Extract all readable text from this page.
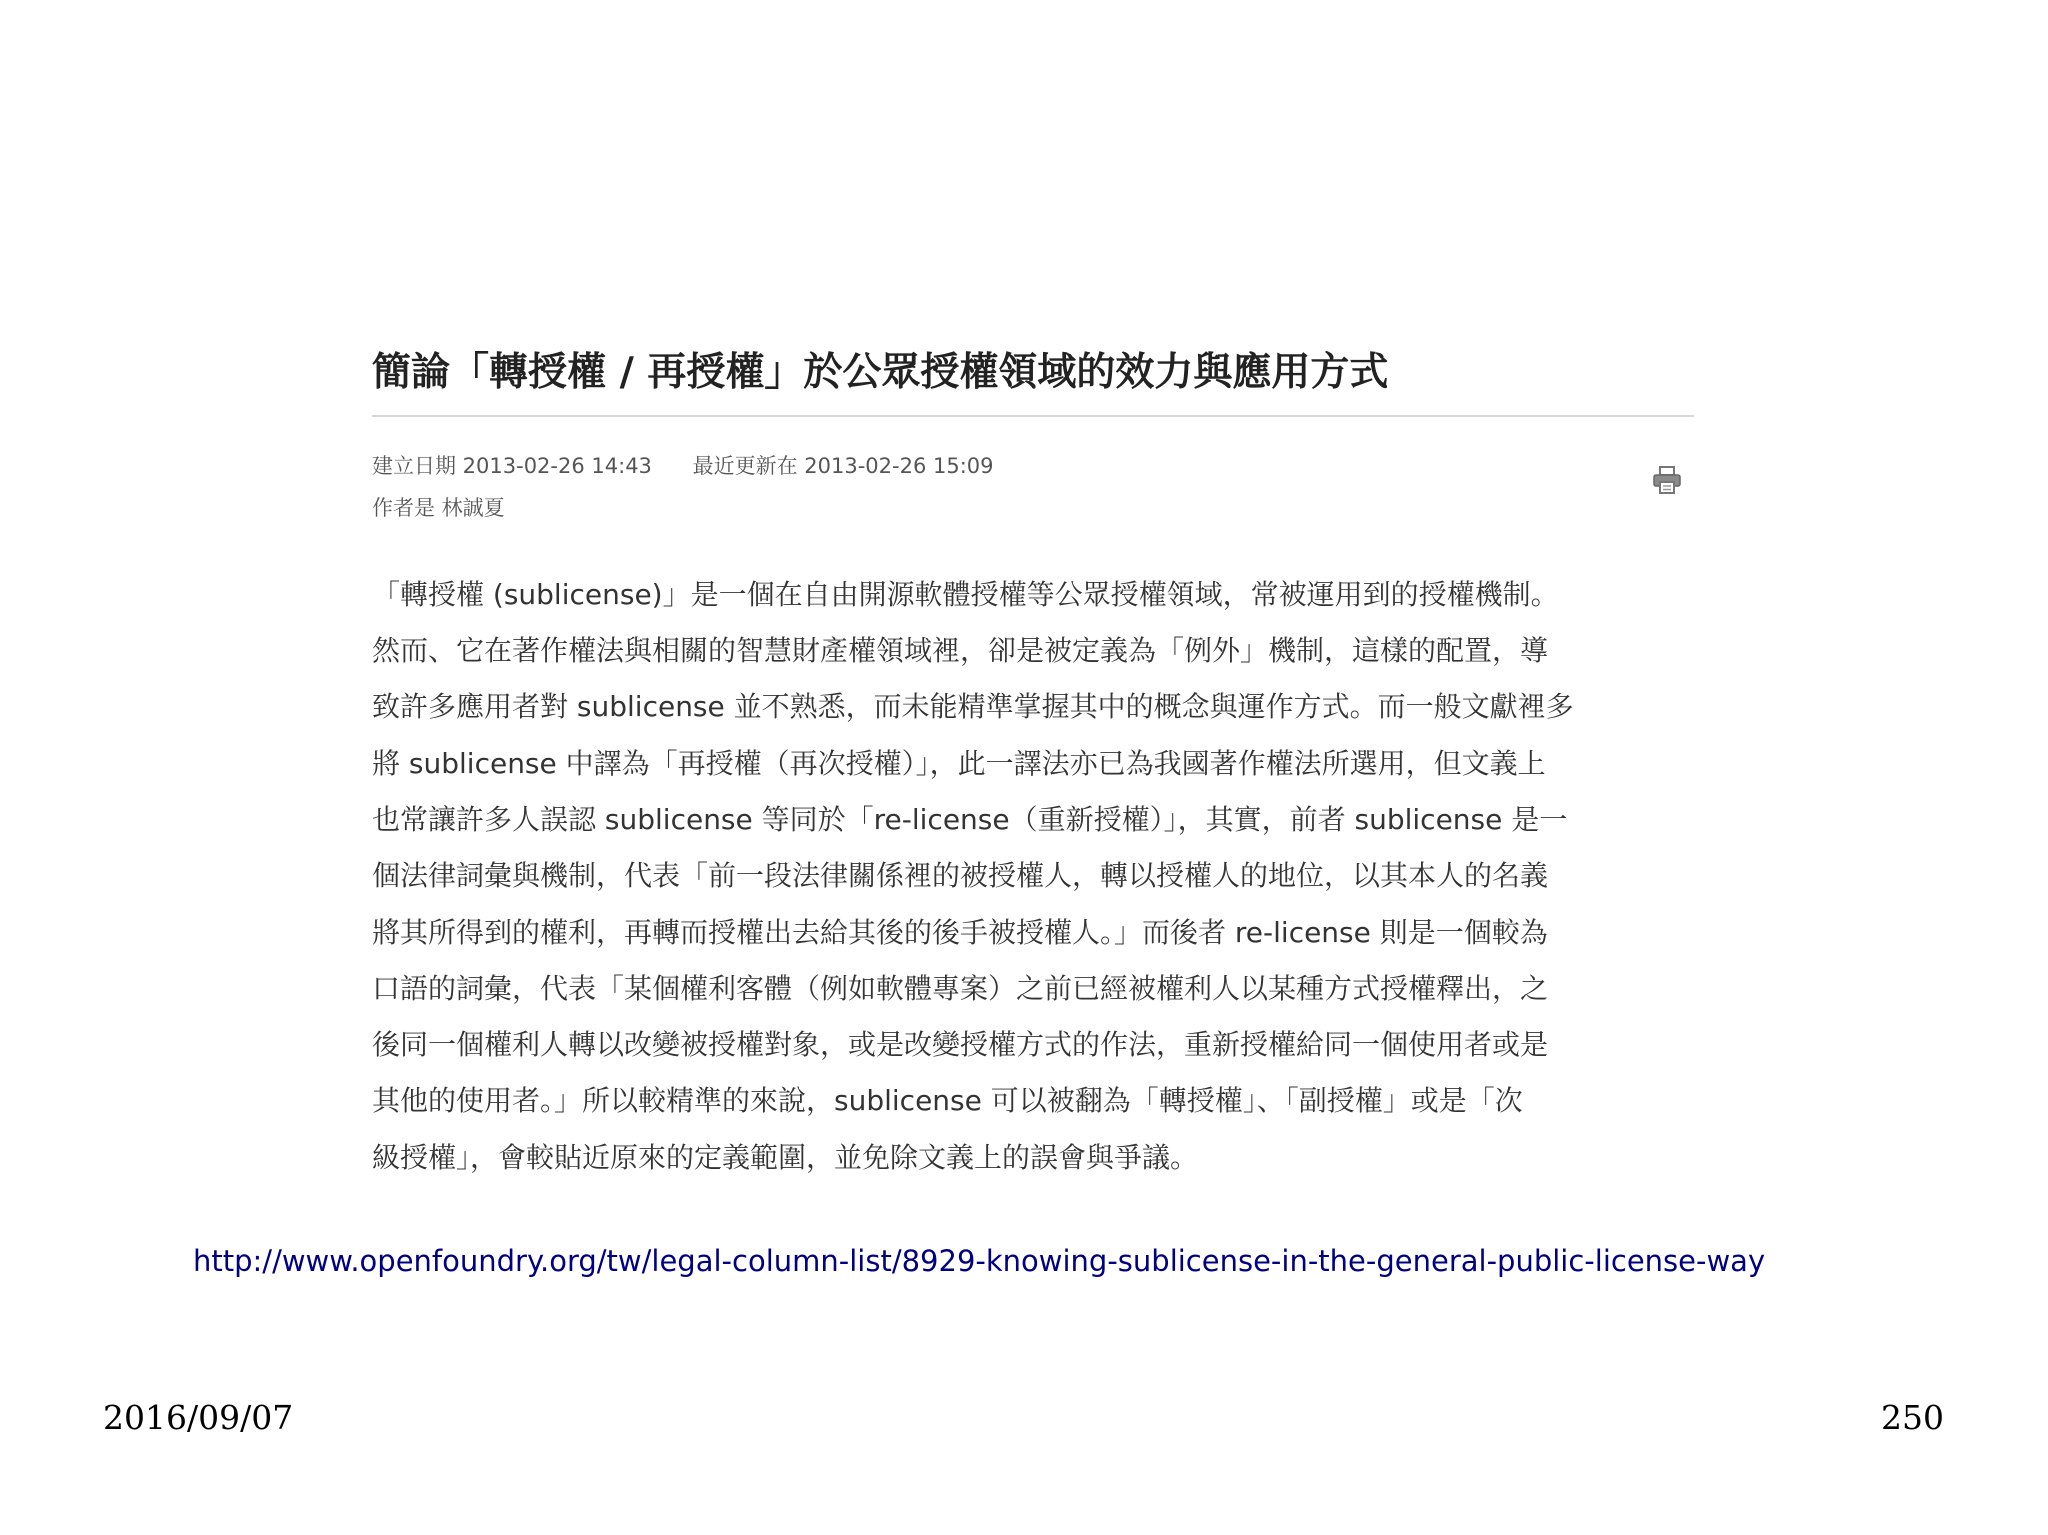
簡論「轉授權 / 再授權」於公眾授權領域的效力與應用方式
建立日期 2013-02-26 14:43 最近更新在 2013-02-26 15:09
作者是 林誠夏
「轉授權 (sublicense)」是一個在自由開源軟體授權等公眾授權領域，常被運用到的授權機制。
然而、它在著作權法與相關的智慧財產權領域裡，卻是被定義為「例外」機制，這樣的配置，導
致許多應用者對 sublicense 並不熟悉，而未能精準掌握其中的概念與運作方式。而一般文獻裡多
將 sublicense 中譯為「再授權（再次授權）」，此一譯法亦已為我國著作權法所選用，但文義上
也常讓許多人誤認 sublicense 等同於「re-license（重新授權）」，其實，前者 sublicense 是一
個法律詞彙與機制，代表「前一段法律關係裡的被授權人，轉以授權人的地位，以其本人的名義
將其所得到的權利，再轉而授權出去給其後的後手被授權人。」而後者 re-license 則是一個較為
口語的詞彙，代表「某個權利客體（例如軟體專案）之前已經被權利人以某種方式授權釋出，之
後同一個權利人轉以改變被授權對象，或是改變授權方式的作法，重新授權給同一個使用者或是
其他的使用者。」所以較精準的來說，sublicense 可以被翻為「轉授權」、「副授權」或是「次
級授權」，會較貼近原來的定義範圍，並免除文義上的誤會與爭議。
http://www.openfoundry.org/tw/legal-column-list/8929-knowing-sublicense-in-the-general-public-license-way
2016/09/07	250
